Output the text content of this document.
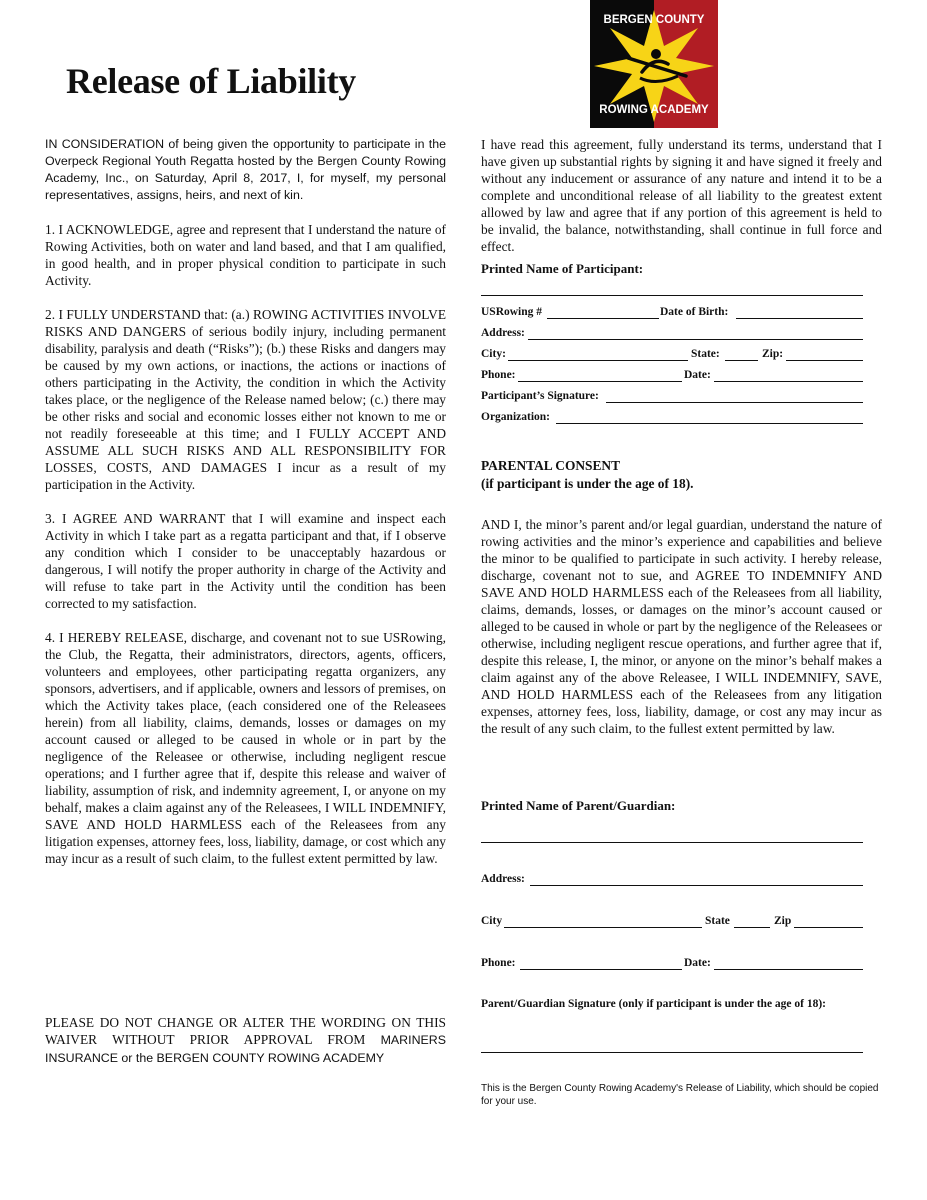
Release of Liability
BERGEN COUNTY
ROWING ACADEMY

IN CONSIDERATION of being given the opportunity to participate in the Overpeck Regional Youth Regatta hosted by the Bergen County Rowing Academy, Inc., on Saturday, April 8, 2017, I, for myself, my personal representatives, assigns, heirs, and next of kin.

1. I ACKNOWLEDGE, agree and represent that I understand the nature of Rowing Activities, both on water and land based, and that I am qualified, in good health, and in proper physical condition to participate in such Activity.

2. I FULLY UNDERSTAND that: (a.) ROWING ACTIVITIES INVOLVE RISKS AND DANGERS of serious bodily injury, including permanent disability, paralysis and death (“Risks”); (b.) these Risks and dangers may be caused by my own actions, or inactions, the actions or inactions of others participating in the Activity, the condition in which the Activity takes place, or the negligence of the Release named below; (c.) there may be other risks and social and economic losses either not known to me or not readily foreseeable at this time; and I FULLY ACCEPT AND ASSUME ALL SUCH RISKS AND ALL RESPONSIBILITY FOR LOSSES, COSTS, AND DAMAGES I incur as a result of my participation in the Activity.

3. I AGREE AND WARRANT that I will examine and inspect each Activity in which I take part as a regatta participant and that, if I observe any condition which I consider to be unacceptably hazardous or dangerous, I will notify the proper authority in charge of the Activity and will refuse to take part in the Activity until the condition has been corrected to my satisfaction.

4. I HEREBY RELEASE, discharge, and covenant not to sue USRowing, the Club, the Regatta, their administrators, directors, agents, officers, volunteers and employees, other participating regatta organizers, any sponsors, advertisers, and if applicable, owners and lessors of premises, on which the Activity takes place, (each considered one of the Releasees herein) from all liability, claims, demands, losses or damages on my account caused or alleged to be caused in whole or in part by the negligence of the Releasee or otherwise, including negligent rescue operations; and I further agree that if, despite this release and waiver of liability, assumption of risk, and indemnity agreement, I, or anyone on my behalf, makes a claim against any of the Releasees, I WILL INDEMNIFY, SAVE AND HOLD HARMLESS each of the Releasees from any litigation expenses, attorney fees, loss, liability, damage, or cost which any may incur as a result of such claim, to the fullest extent permitted by law.

PLEASE DO NOT CHANGE OR ALTER THE WORDING ON THIS WAIVER WITHOUT PRIOR APPROVAL FROM MARINERS INSURANCE or the BERGEN COUNTY ROWING ACADEMY

I have read this agreement, fully understand its terms, understand that I have given up substantial rights by signing it and have signed it freely and without any inducement or assurance of any nature and intend it to be a complete and unconditional release of all liability to the greatest extent allowed by law and agree that if any portion of this agreement is held to be invalid, the balance, notwithstanding, shall continue in full force and effect.

Printed Name of Participant:
USRowing #	Date of Birth:
Address:
City:	State:	Zip:
Phone:	Date:
Participant’s Signature:
Organization:
PARENTAL CONSENT
(if participant is under the age of 18).

AND I, the minor’s parent and/or legal guardian, understand the nature of rowing activities and the minor’s experience and capabilities and believe the minor to be qualified to participate in such activity. I hereby release, discharge, covenant not to sue, and AGREE TO INDEMNIFY AND SAVE AND HOLD HARMLESS each of the Releasees from all liability, claims, demands, losses, or damages on the minor’s account caused or alleged to be caused in whole or part by the negligence of the Releasees or otherwise, including negligent rescue operations, and further agree that if, despite this release, I, the minor, or anyone on the minor’s behalf makes a claim against any of the above Releasee, I WILL INDEMNIFY, SAVE, AND HOLD HARMLESS each of the Releasees from any litigation expenses, attorney fees, loss, liability, damage, or cost any may incur as the result of any such claim, to the fullest extent permitted by law.

Printed Name of Parent/Guardian:
Address:
City	State	Zip
Phone:	Date:
Parent/Guardian Signature (only if participant is under the age of 18):
This is the Bergen County Rowing Academy's Release of Liability, which should be copied for your use.
